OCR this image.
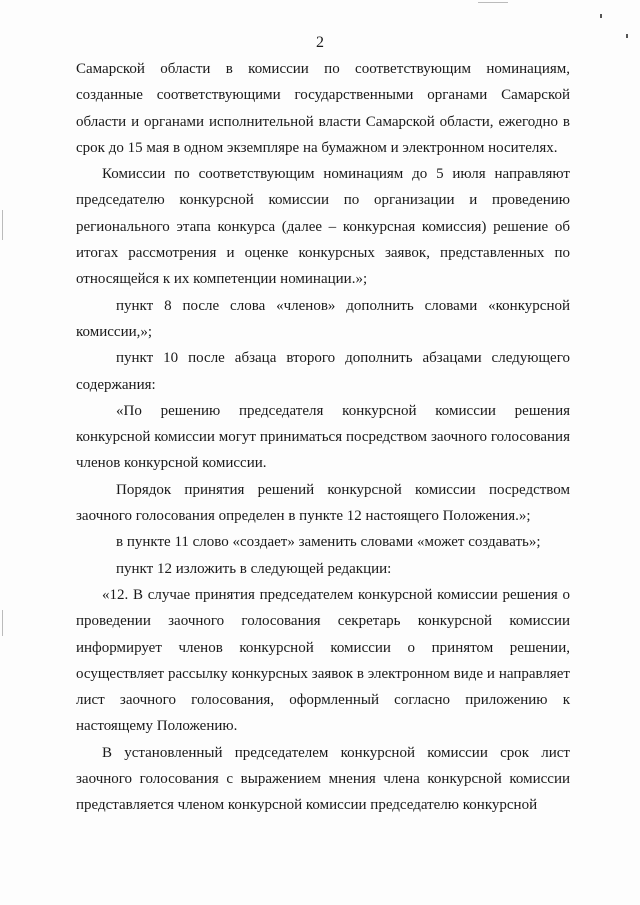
2

Самарской области в комиссии по соответствующим номинациям, созданные соответствующими государственными органами Самарской области и органами исполнительной власти Самарской области, ежегодно в срок до 15 мая в одном экземпляре на бумажном и электронном носителях.

Комиссии по соответствующим номинациям до 5 июля направляют председателю конкурсной комиссии по организации и проведению регионального этапа конкурса (далее – конкурсная комиссия) решение об итогах рассмотрения и оценке конкурсных заявок, представленных по относящейся к их компетенции номинации.»;

пункт 8 после слова «членов» дополнить словами «конкурсной комиссии,»;

пункт 10 после абзаца второго дополнить абзацами следующего содержания:

«По решению председателя конкурсной комиссии решения конкурсной комиссии могут приниматься посредством заочного голосования членов конкурсной комиссии.

Порядок принятия решений конкурсной комиссии посредством заочного голосования определен в пункте 12 настоящего Положения.»;

в пункте 11 слово «создает» заменить словами «может создавать»;

пункт 12 изложить в следующей редакции:

«12. В случае принятия председателем конкурсной комиссии решения о проведении заочного голосования секретарь конкурсной комиссии информирует членов конкурсной комиссии о принятом решении, осуществляет рассылку конкурсных заявок в электронном виде и направляет лист заочного голосования, оформленный согласно приложению к настоящему Положению.

В установленный председателем конкурсной комиссии срок лист заочного голосования с выражением мнения члена конкурсной комиссии представляется членом конкурсной комиссии председателю конкурсной
